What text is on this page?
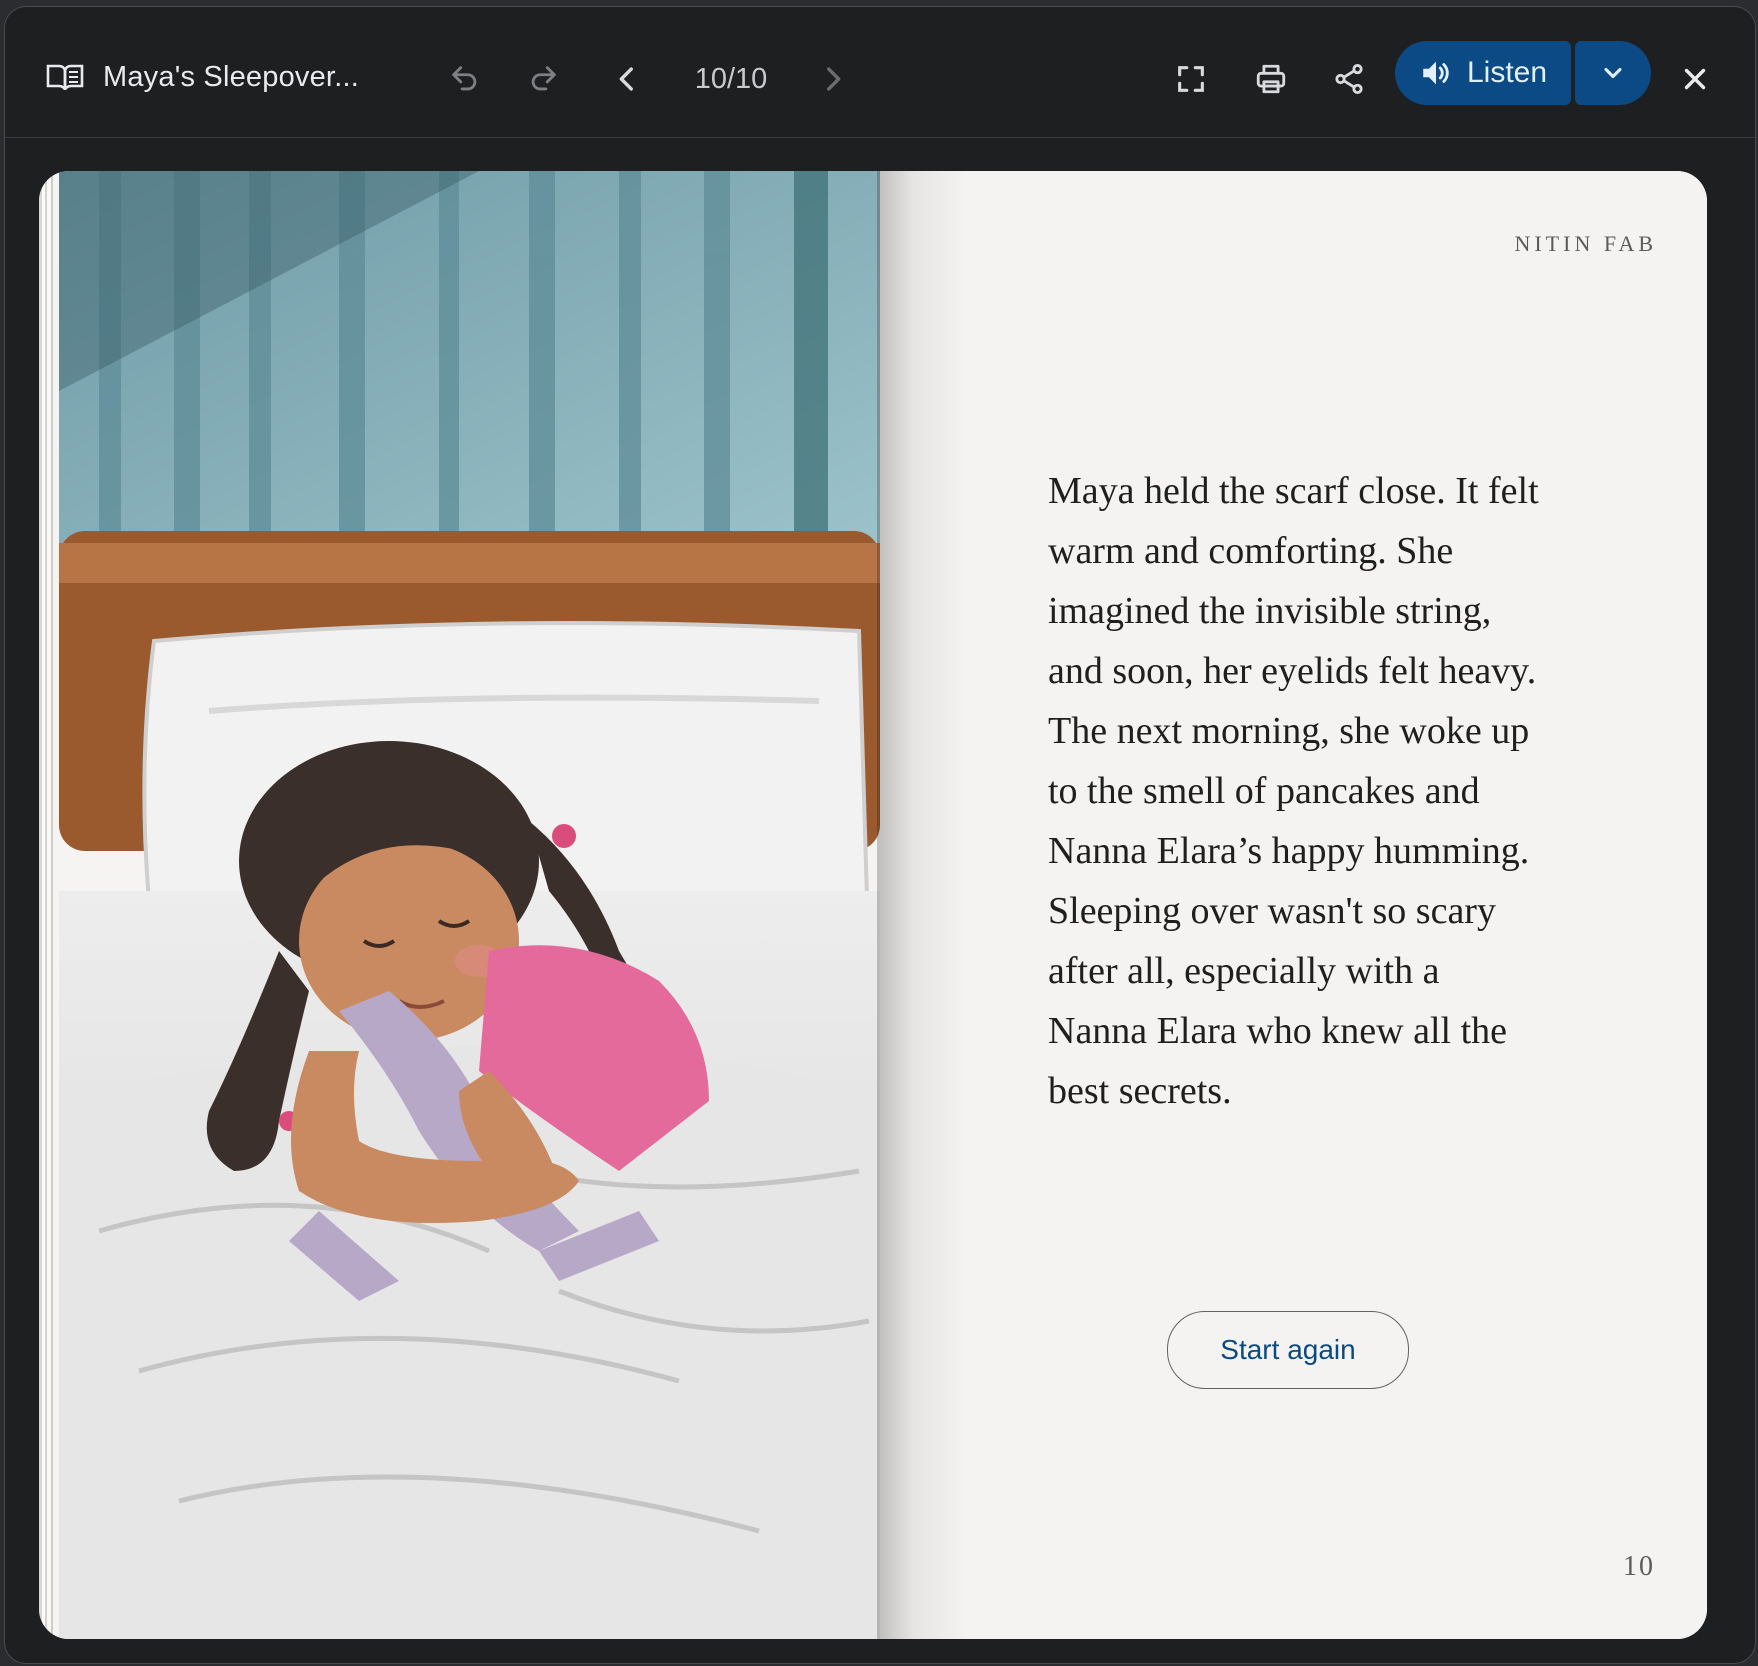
Maya's Sleepover...	10/10	Listen
NITIN FAB
Maya held the scarf close. It felt warm and comforting. She imagined the invisible string, and soon, her eyelids felt heavy. The next morning, she woke up to the smell of pancakes and Nanna Elara’s happy humming. Sleeping over wasn't so scary after all, especially with a Nanna Elara who knew all the best secrets.
Start again
10
